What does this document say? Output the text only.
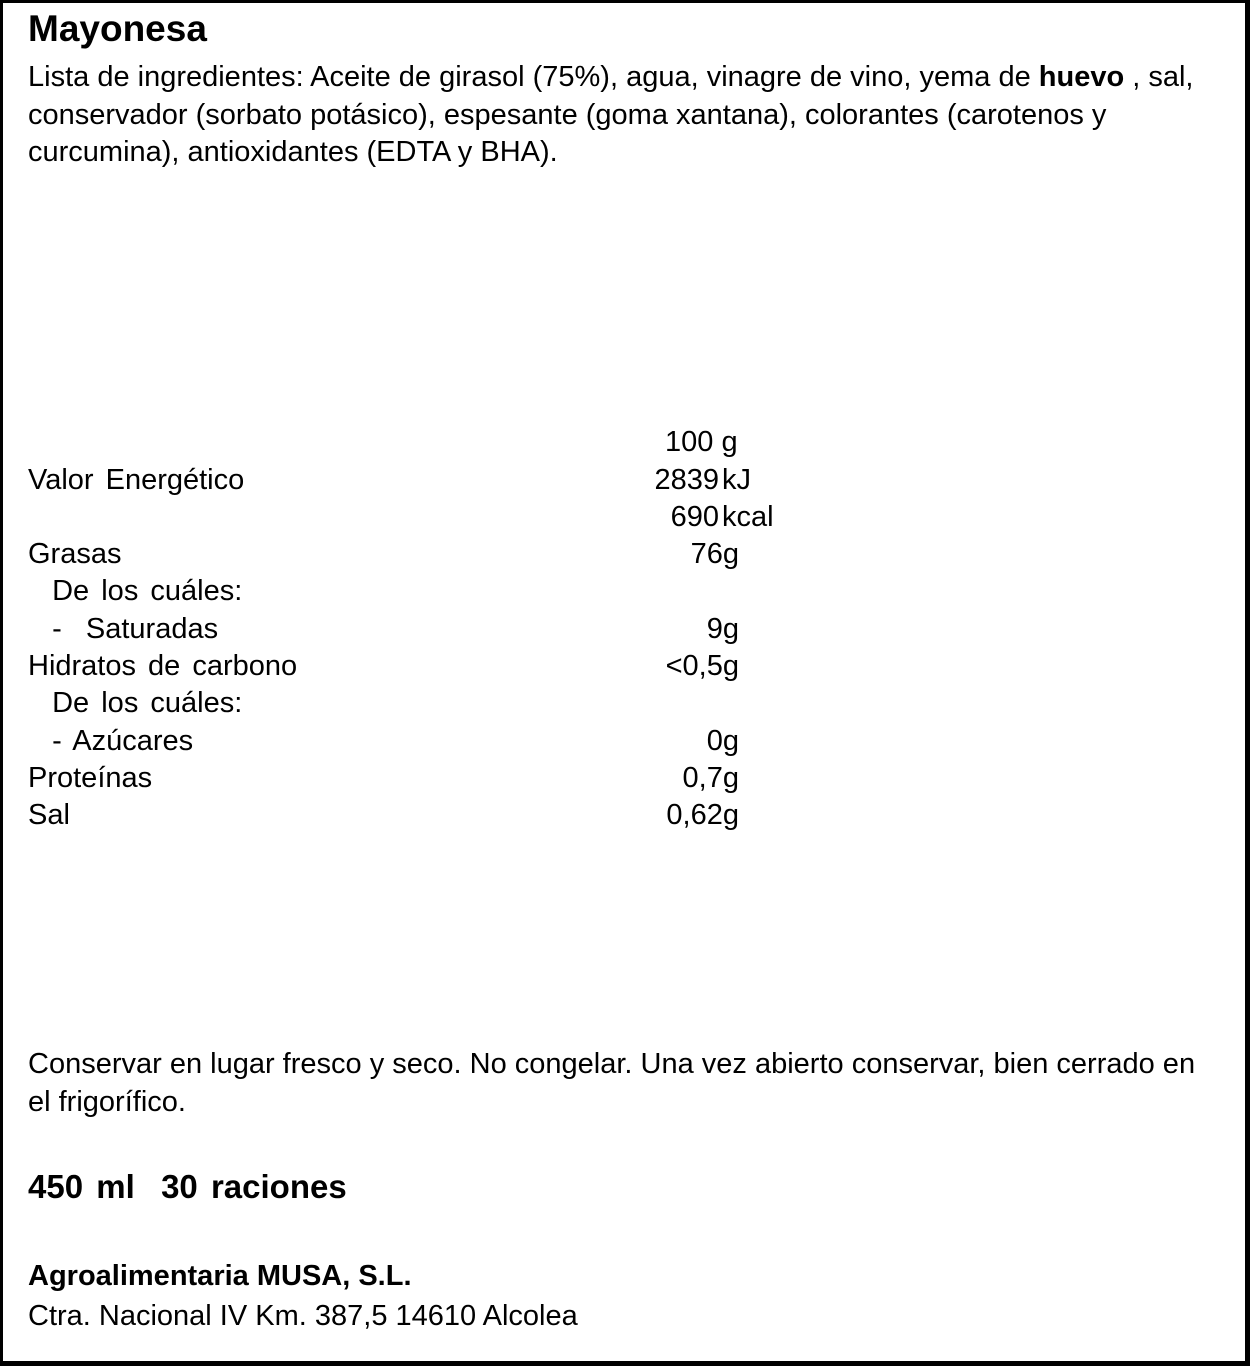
Mayonesa
Lista de ingredientes: Aceite de girasol (75%), agua, vinagre de vino, yema de huevo , sal, conservador (sorbato potásico), espesante (goma xantana), colorantes (carotenos y curcumina), antioxidantes (EDTA y BHA).
100 g
Valor Energético	2839 kJ
690 kcal
Grasas	76g
De los cuáles:
-  Saturadas	9g
Hidratos de carbono	<0,5g
De los cuáles:
- Azúcares	0g
Proteínas	0,7g
Sal	0,62g
Conservar en lugar fresco y seco. No congelar. Una vez abierto conservar, bien cerrado en el frigorífico.
450 ml  30 raciones
Agroalimentaria MUSA, S.L.
Ctra. Nacional IV Km. 387,5 14610 Alcolea
